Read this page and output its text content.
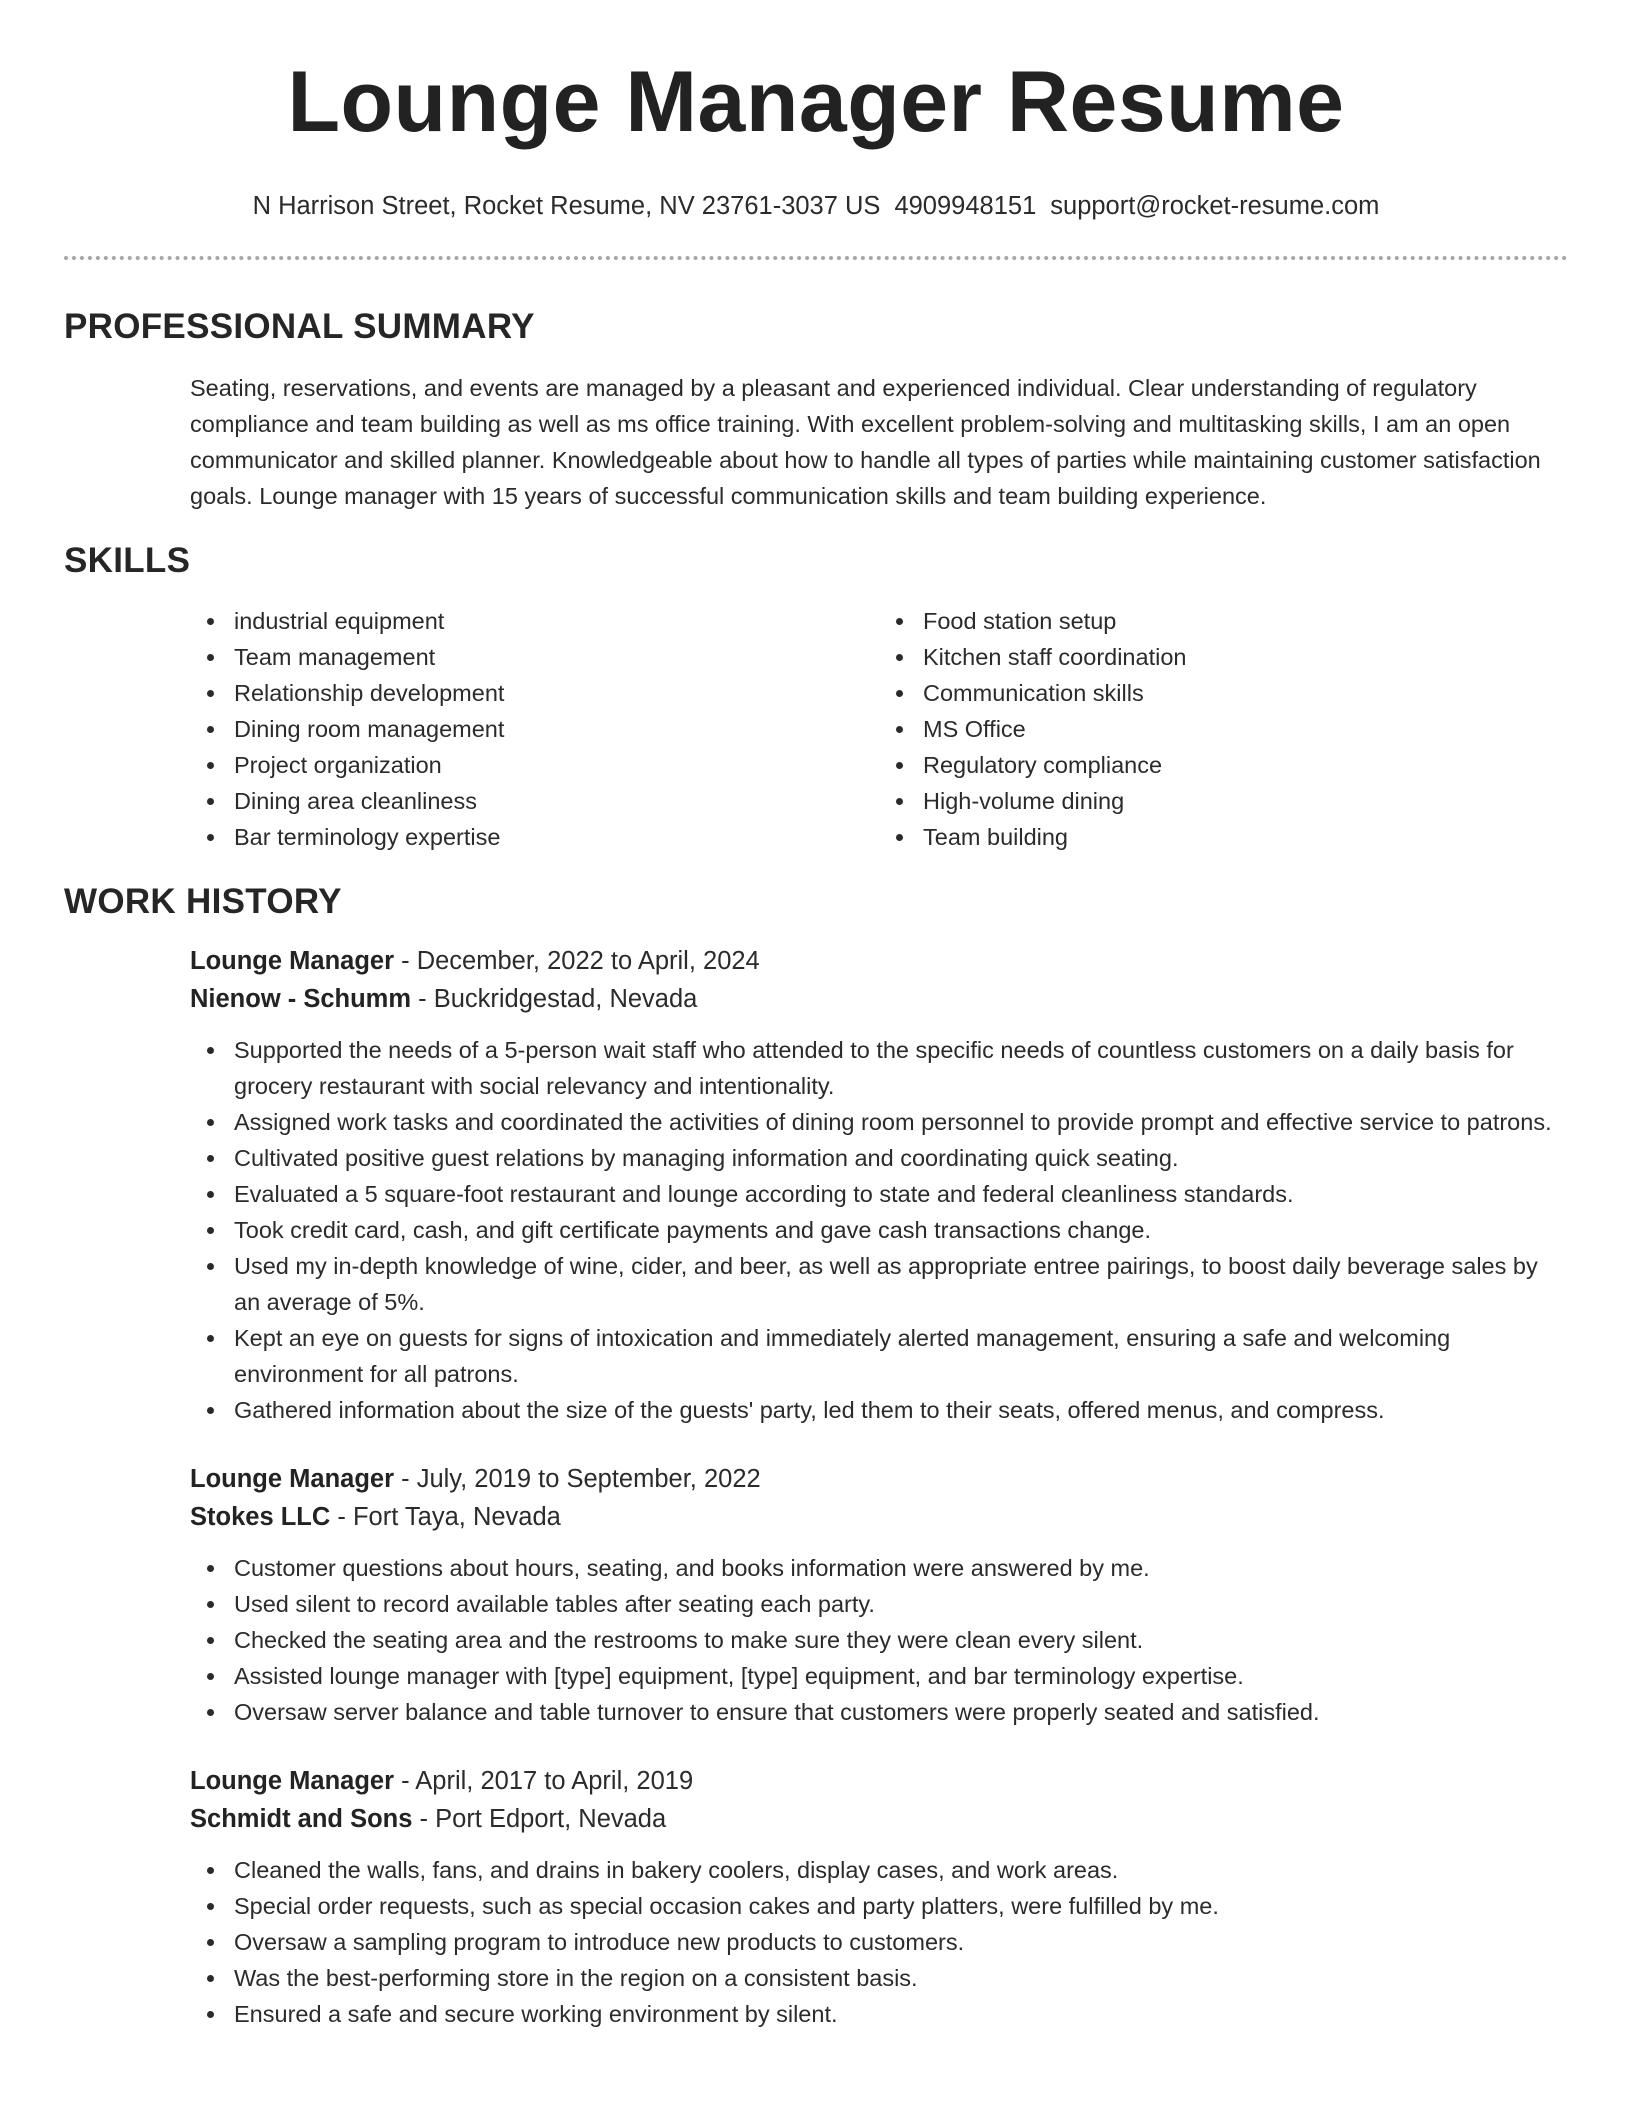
Lounge Manager Resume
N Harrison Street, Rocket Resume, NV 23761-3037 US 4909948151 support@rocket-resume.com
PROFESSIONAL SUMMARY

Seating, reservations, and events are managed by a pleasant and experienced individual. Clear understanding of regulatory compliance and team building as well as ms office training. With excellent problem-solving and multitasking skills, I am an open communicator and skilled planner. Knowledgeable about how to handle all types of parties while maintaining customer satisfaction goals. Lounge manager with 15 years of successful communication skills and team building experience.

SKILLS
industrial equipment
Team management
Relationship development
Dining room management
Project organization
Dining area cleanliness
Bar terminology expertise
Food station setup
Kitchen staff coordination
Communication skills
MS Office
Regulatory compliance
High-volume dining
Team building
WORK HISTORY
Lounge Manager - December, 2022 to April, 2024
Nienow - Schumm - Buckridgestad, Nevada
Supported the needs of a 5-person wait staff who attended to the specific needs of countless customers on a daily basis for grocery restaurant with social relevancy and intentionality.
Assigned work tasks and coordinated the activities of dining room personnel to provide prompt and effective service to patrons.
Cultivated positive guest relations by managing information and coordinating quick seating.
Evaluated a 5 square-foot restaurant and lounge according to state and federal cleanliness standards.
Took credit card, cash, and gift certificate payments and gave cash transactions change.
Used my in-depth knowledge of wine, cider, and beer, as well as appropriate entree pairings, to boost daily beverage sales by an average of 5%.
Kept an eye on guests for signs of intoxication and immediately alerted management, ensuring a safe and welcoming environment for all patrons.
Gathered information about the size of the guests' party, led them to their seats, offered menus, and compress.
Lounge Manager - July, 2019 to September, 2022
Stokes LLC - Fort Taya, Nevada
Customer questions about hours, seating, and books information were answered by me.
Used silent to record available tables after seating each party.
Checked the seating area and the restrooms to make sure they were clean every silent.
Assisted lounge manager with [type] equipment, [type] equipment, and bar terminology expertise.
Oversaw server balance and table turnover to ensure that customers were properly seated and satisfied.
Lounge Manager - April, 2017 to April, 2019
Schmidt and Sons - Port Edport, Nevada
Cleaned the walls, fans, and drains in bakery coolers, display cases, and work areas.
Special order requests, such as special occasion cakes and party platters, were fulfilled by me.
Oversaw a sampling program to introduce new products to customers.
Was the best-performing store in the region on a consistent basis.
Ensured a safe and secure working environment by silent.
